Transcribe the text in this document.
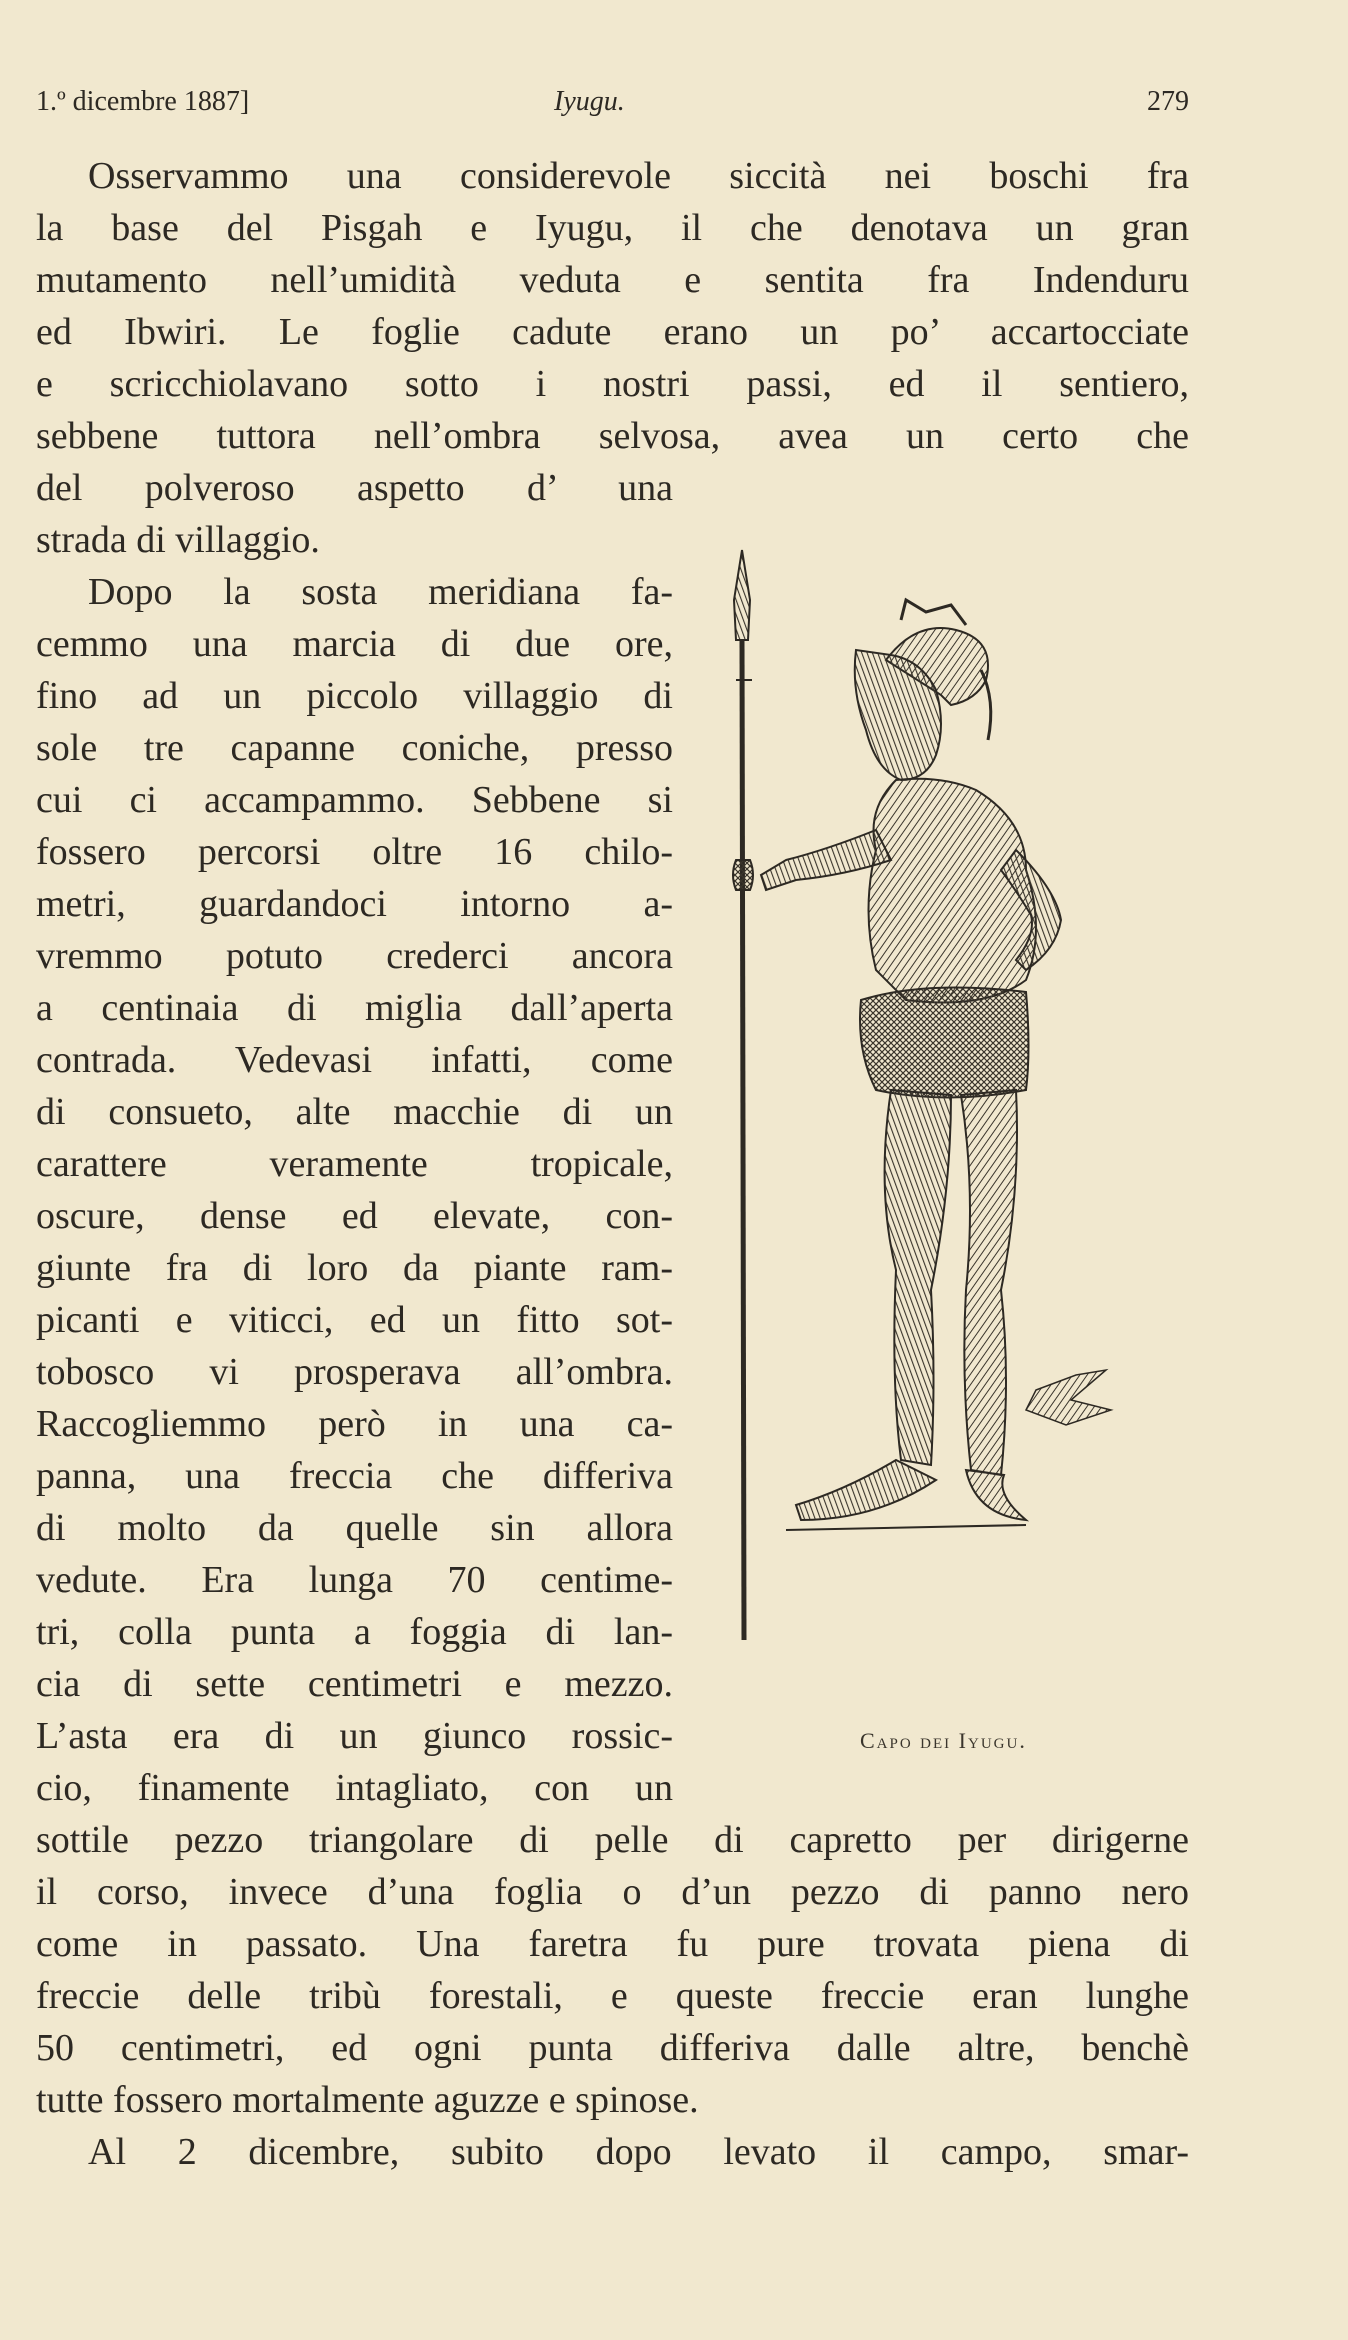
1.º dicembre 1887]	Iyugu.	279
Osservammo una considerevole siccità nei boschi fra
la base del Pisgah e Iyugu, il che denotava un gran
mutamento nell’umidità veduta e sentita fra Indenduru
ed Ibwiri. Le foglie cadute erano un po’ accartocciate
e scricchiolavano sotto i nostri passi, ed il sentiero,
sebbene tuttora nell’ombra selvosa, avea un certo che
del polveroso aspetto d’ una
strada di villaggio.
Dopo la sosta meridiana fa-
cemmo una marcia di due ore,
fino ad un piccolo villaggio di
sole tre capanne coniche, presso
cui ci accampammo. Sebbene si
fossero percorsi oltre 16 chilo-
metri, guardandoci intorno a-
vremmo potuto crederci ancora
a centinaia di miglia dall’aperta
contrada. Vedevasi infatti, come
di consueto, alte macchie di un
carattere veramente tropicale,
oscure, dense ed elevate, con-
giunte fra di loro da piante ram-
picanti e viticci, ed un fitto sot-
tobosco vi prosperava all’ombra.
Raccogliemmo però in una ca-
panna, una freccia che differiva
di molto da quelle sin allora
vedute. Era lunga 70 centime-
tri, colla punta a foggia di lan-
cia di sette centimetri e mezzo.
L’asta era di un giunco rossic-
cio, finamente intagliato, con un
sottile pezzo triangolare di pelle di capretto per dirigerne
il corso, invece d’una foglia o d’un pezzo di panno nero
come in passato. Una faretra fu pure trovata piena di
freccie delle tribù forestali, e queste freccie eran lunghe
50 centimetri, ed ogni punta differiva dalle altre, benchè
tutte fossero mortalmente aguzze e spinose.
Al 2 dicembre, subito dopo levato il campo, smar-
Capo dei Iyugu.
